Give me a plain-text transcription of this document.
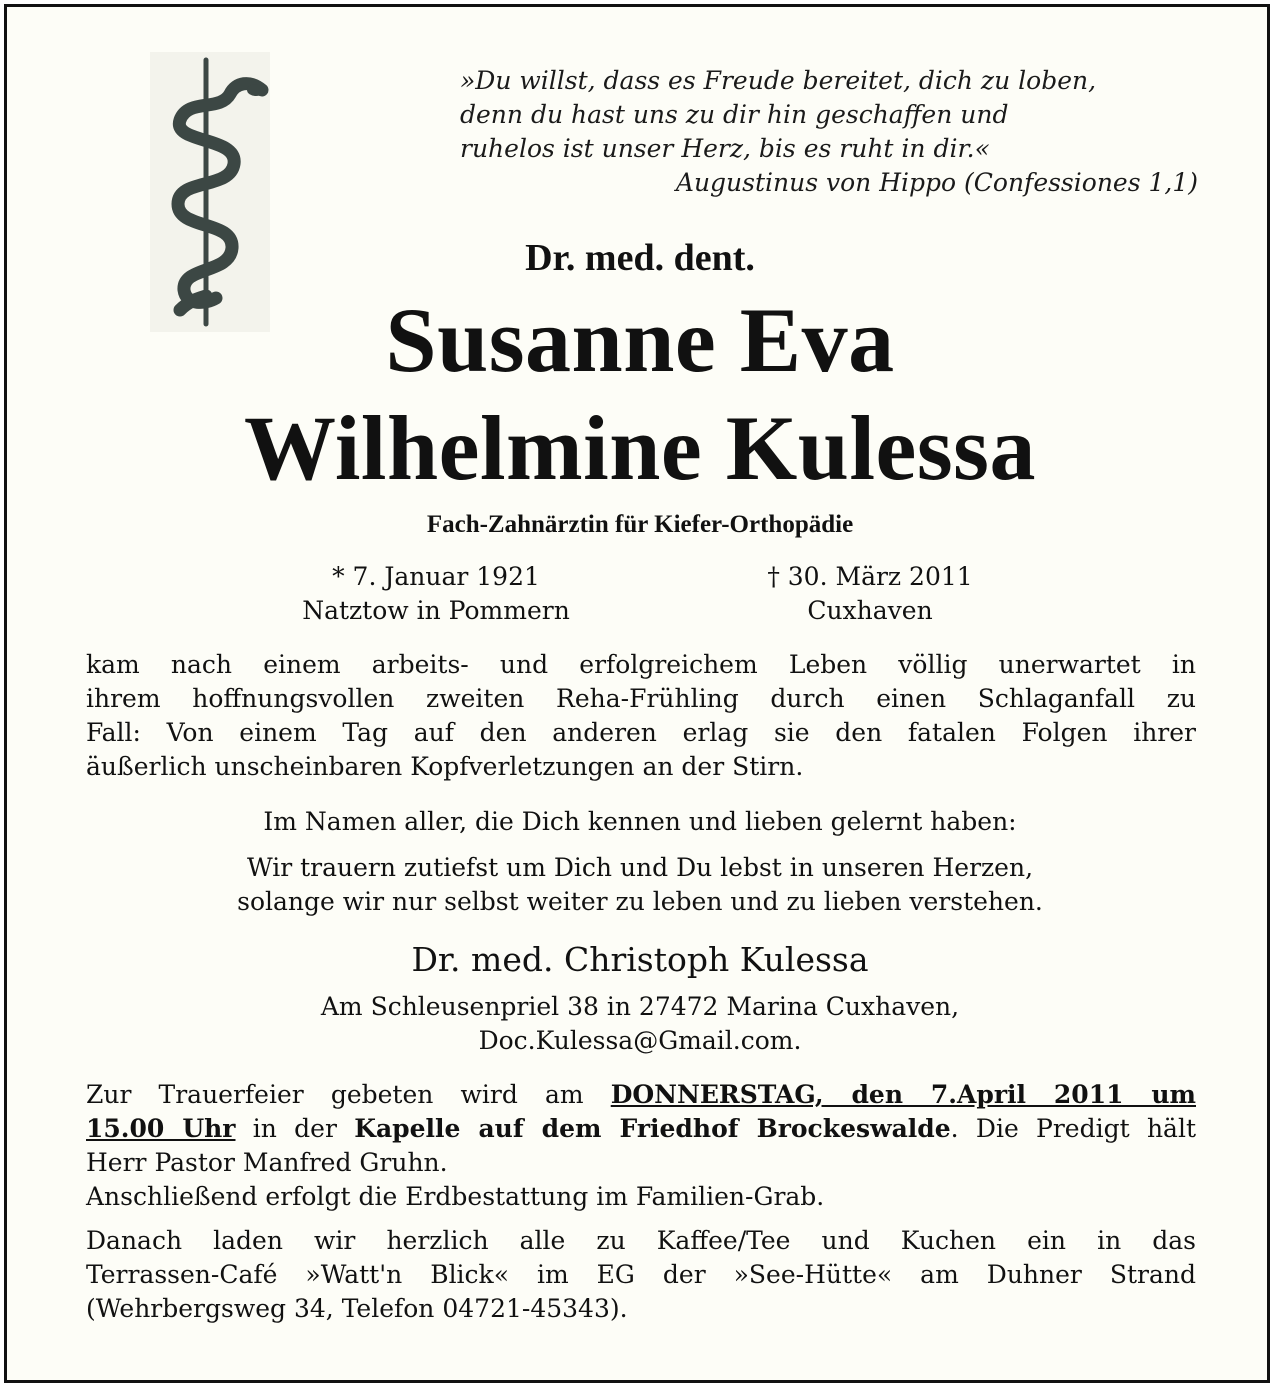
»Du willst, dass es Freude bereitet, dich zu loben,
denn du hast uns zu dir hin geschaffen und
ruhelos ist unser Herz, bis es ruht in dir.«
Augustinus von Hippo (Confessiones 1,1)
Dr. med. dent.
Susanne Eva
Wilhelmine Kulessa
Fach-Zahnärztin für Kiefer-Orthopädie
* 7. Januar 1921
Natztow in Pommern
† 30. März 2011
Cuxhaven
kam nach einem arbeits- und erfolgreichem Leben völlig unerwartet in
ihrem hoffnungsvollen zweiten Reha-Frühling durch einen Schlaganfall zu
Fall: Von einem Tag auf den anderen erlag sie den fatalen Folgen ihrer
äußerlich unscheinbaren Kopfverletzungen an der Stirn.
Im Namen aller, die Dich kennen und lieben gelernt haben:
Wir trauern zutiefst um Dich und Du lebst in unseren Herzen,
solange wir nur selbst weiter zu leben und zu lieben verstehen.
Dr. med. Christoph Kulessa
Am Schleusenpriel 38 in 27472 Marina Cuxhaven,
Doc.Kulessa@Gmail.com.
Zur Trauerfeier gebeten wird am DONNERSTAG, den 7.April 2011 um
15.00 Uhr in der Kapelle auf dem Friedhof Brockeswalde. Die Predigt hält
Herr Pastor Manfred Gruhn.
Anschließend erfolgt die Erdbestattung im Familien-Grab.
Danach laden wir herzlich alle zu Kaffee/Tee und Kuchen ein in das
Terrassen-Café »Watt'n Blick« im EG der »See-Hütte« am Duhner Strand
(Wehrbergsweg 34, Telefon 04721-45343).
